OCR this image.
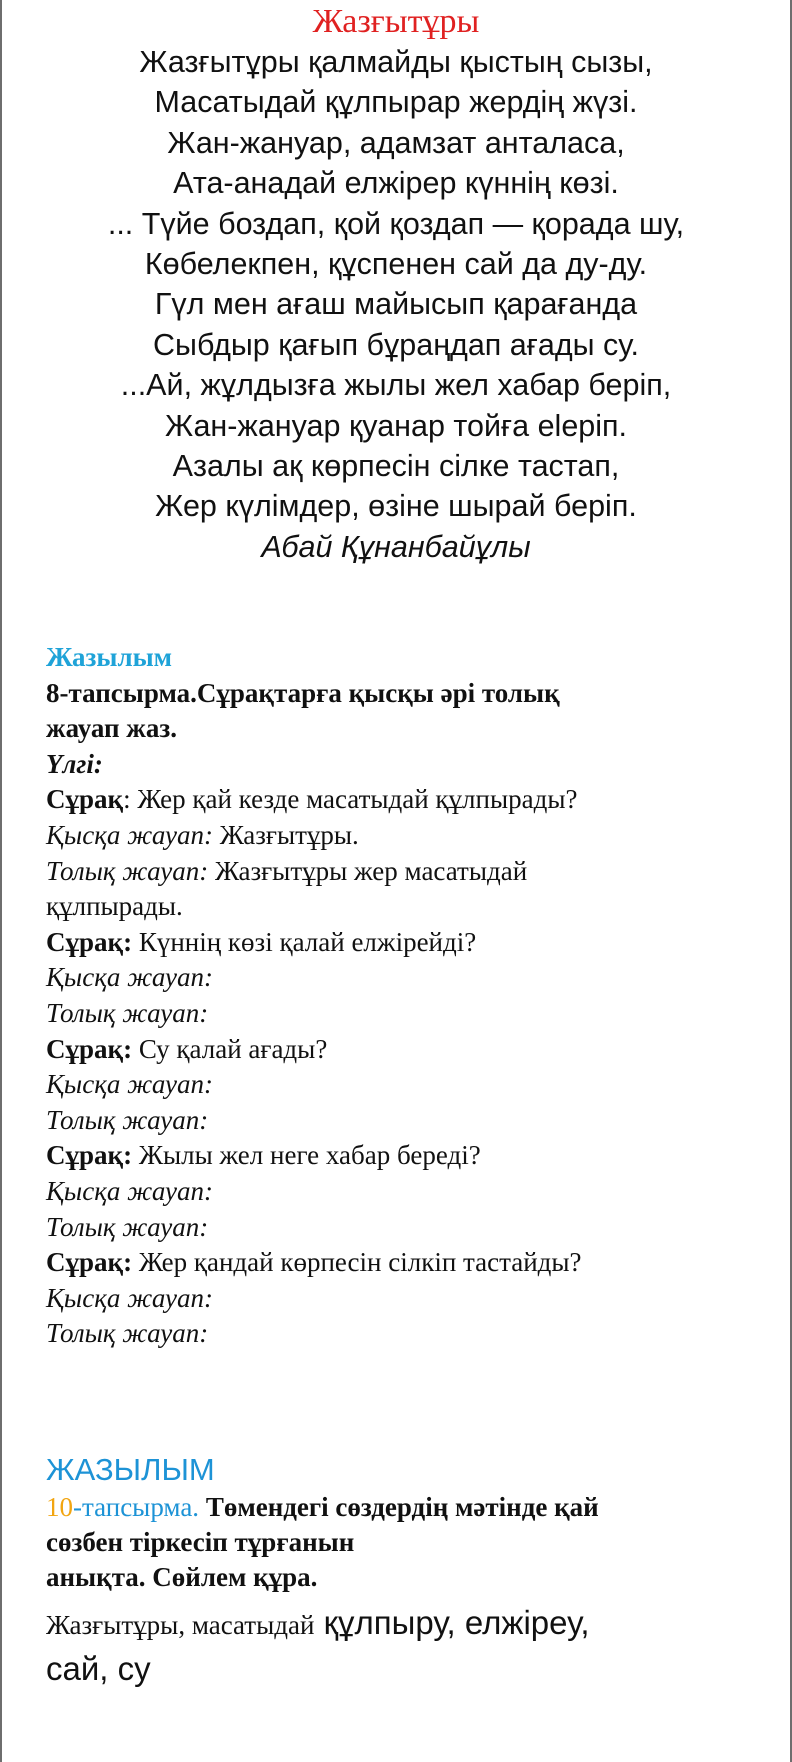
Жазғытұры
Жазғытұры қалмайды қыстың сызы,
Масатыдай құлпырар жердің жүзі.
Жан-жануар, адамзат анталаса,
Ата-анадай елжірер күннің көзі.
... Түйе боздап, қой қоздап — қорада шу,
Көбелекпен, құспенен сай да ду-ду.
Гүл мен ағаш майысып қарағанда
Сыбдыр қағып бұраңдап ағады су.
...Ай, жұлдызға жылы жел хабар беріп,
Жан-жануар қуанар тойға еleріп.
Азалы ақ көрпесін сілке тастап,
Жер күлімдер, өзіне шырай беріп.
Абай Құнанбайұлы
Жазылым
8-тапсырма.Сұрақтарға қысқы әрі толық
жауап жаз.
Үлгі:
Сұрақ: Жер қай кезде масатыдай құлпырады?
Қысқа жауап: Жазғытұры.
Толық жауап: Жазғытұры жер масатыдай
құлпырады.
Сұрақ: Күннің көзі қалай елжірейді?
Қысқа жауап:
Толық жауап:
Сұрақ: Су қалай ағады?
Қысқа жауап:
Толық жауап:
Сұрақ: Жылы жел неге хабар береді?
Қысқа жауап:
Толық жауап:
Сұрақ: Жер қандай көрпесін сілкіп тастайды?
Қысқа жауап:
Толық жауап:
ЖАЗЫЛЫМ
10-тапсырма. Төмендегі сөздердің мәтінде қай
сөзбен тіркесіп тұрғанын
анықта. Сөйлем құра.
Жазғытұры, масатыдай құлпыру, елжіреу,
сай, су
